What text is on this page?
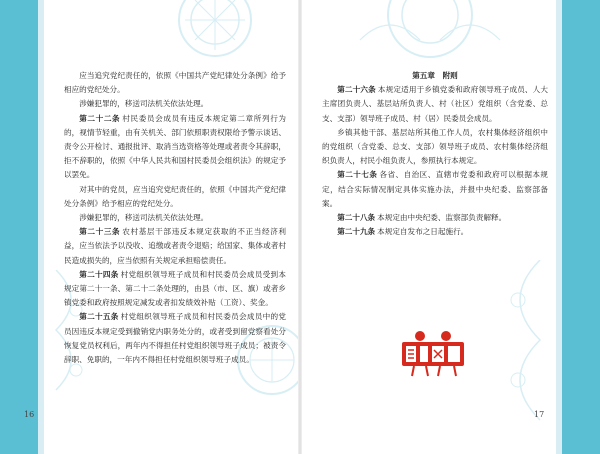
应当追究党纪责任的，依照《中国共产党纪律处分条例》给予相应的党纪处分。

涉嫌犯罪的，移送司法机关依法处理。

第二十二条 村民委员会成员有违反本规定第二章所列行为的，视情节轻重，由有关机关、部门依照职责权限给予警示谈话、责令公开检讨、通报批评、取消当选资格等处理或者责令其辞职，拒不辞职的，依照《中华人民共和国村民委员会组织法》的规定予以罢免。

对其中的党员，应当追究党纪责任的，依照《中国共产党纪律处分条例》给予相应的党纪处分。

涉嫌犯罪的，移送司法机关依法处理。

第二十三条 农村基层干部违反本规定获取的不正当经济利益，应当依法予以没收、追缴或者责令退赔；给国家、集体或者村民造成损失的，应当依照有关规定承担赔偿责任。

第二十四条 村党组织领导班子成员和村民委员会成员受到本规定第二十一条、第二十二条处理的，由县（市、区、旗）或者乡镇党委和政府按照规定减发或者扣发绩效补贴（工资）、奖金。

第二十五条 村党组织领导班子成员和村民委员会成员中的党员因违反本规定受到撤销党内职务处分的，或者受到留党察看处分恢复党员权利后，两年内不得担任村党组织领导班子成员；被责令辞职、免职的，一年内不得担任村党组织领导班子成员。

16

第五章　附则

第二十六条 本规定适用于乡镇党委和政府领导班子成员、人大主席团负责人、基层站所负责人、村（社区）党组织（含党委、总支、支部）领导班子成员、村（居）民委员会成员。

乡镇其他干部、基层站所其他工作人员，农村集体经济组织中的党组织（含党委、总支、支部）领导班子成员、农村集体经济组织负责人，村民小组负责人，参照执行本规定。

第二十七条 各省、自治区、直辖市党委和政府可以根据本规定，结合实际情况制定具体实施办法，并报中央纪委、监察部备案。

第二十八条 本规定由中央纪委、监察部负责解释。

第二十九条 本规定自发布之日起施行。

17
